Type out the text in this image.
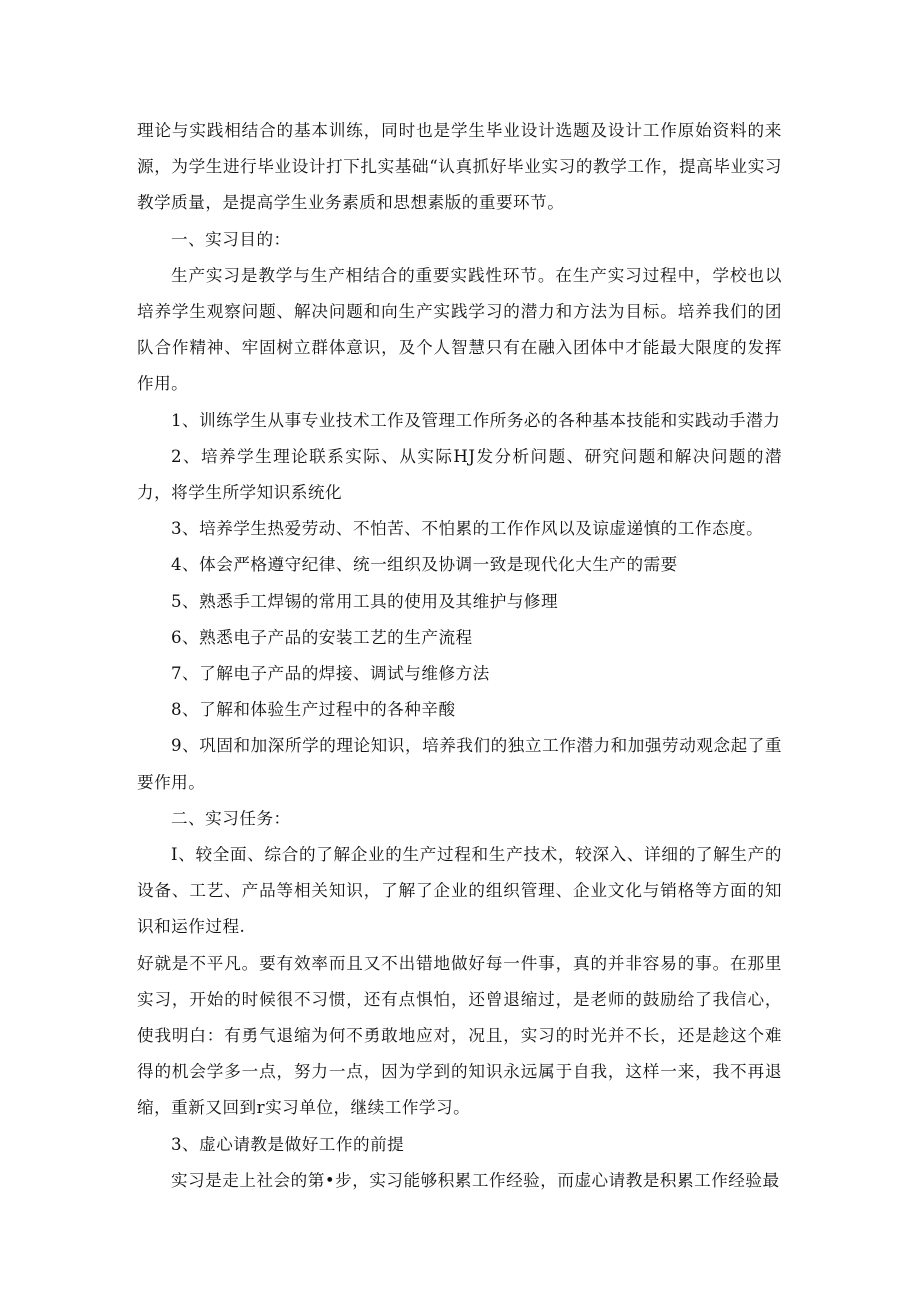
理论与实践相结合的基本训练，同时也是学生毕业设计选题及设计工作原始资料的来源，为学生进行毕业设计打下扎实基础“认真抓好毕业实习的教学工作，提高毕业实习教学质量，是提高学生业务素质和思想素版的重要环节。

一、实习目的：

生产实习是教学与生产相结合的重要实践性环节。在生产实习过程中，学校也以培养学生观察问题、解决问题和向生产实践学习的潜力和方法为目标。培养我们的团队合作精神、牢固树立群体意识，及个人智慧只有在融入团体中才能最大限度的发挥作用。

1、训练学生从事专业技术工作及管理工作所务必的各种基本技能和实践动手潜力

2、培养学生理论联系实际、从实际HJ发分析问题、研究问题和解决问题的潜力，将学生所学知识系统化

3、培养学生热爱劳动、不怕苦、不怕累的工作作风以及谅虚递慎的工作态度。

4、体会严格遵守纪律、统一组织及协调一致是现代化大生产的需要

5、熟悉手工焊锡的常用工具的使用及其维护与修理

6、熟悉电子产品的安装工艺的生产流程

7、了解电子产品的焊接、调试与维修方法

8、了解和体验生产过程中的各种辛酸

9、巩固和加深所学的理论知识，培养我们的独立工作潜力和加强劳动观念起了重要作用。

二、实习任务：

I、较全面、综合的了解企业的生产过程和生产技术，较深入、详细的了解生产的设备、工艺、产品等相关知识，了解了企业的组织管理、企业文化与销格等方面的知识和运作过程.

好就是不平凡。要有效率而且又不出错地做好每一件事，真的并非容易的事。在那里实习，开始的时候很不习惯，还有点惧怕，还曾退缩过，是老师的鼓励给了我信心，使我明白：有勇气退缩为何不勇敢地应对，况且，实习的时光并不长，还是趁这个难得的机会学多一点，努力一点，因为学到的知识永远属于自我，这样一来，我不再退缩，重新又回到r实习单位，继续工作学习。

3、虚心请教是做好工作的前提

实习是走上社会的第•步，实习能够积累工作经验，而虚心请教是积累工作经验最
